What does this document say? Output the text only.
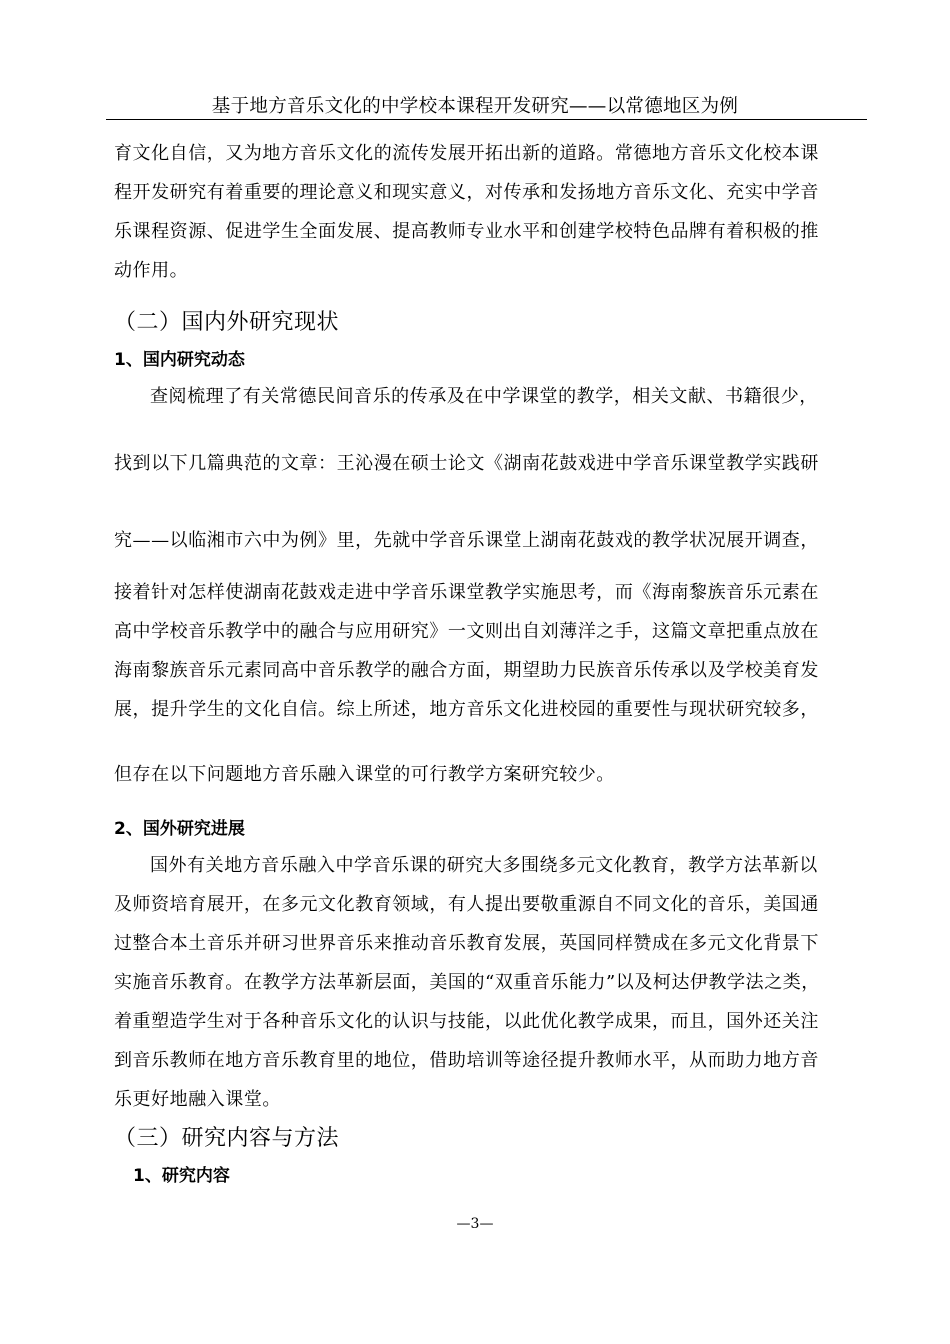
基于地方音乐文化的中学校本课程开发研究——以常德地区为例
育文化自信，又为地方音乐文化的流传发展开拓出新的道路。常德地方音乐文化校本课
程开发研究有着重要的理论意义和现实意义，对传承和发扬地方音乐文化、充实中学音
乐课程资源、促进学生全面发展、提高教师专业水平和创建学校特色品牌有着积极的推
动作用。
（二）国内外研究现状
1、国内研究动态
查阅梳理了有关常德民间音乐的传承及在中学课堂的教学，相关文献、书籍很少，
找到以下几篇典范的文章：王沁漫在硕士论文《湖南花鼓戏进中学音乐课堂教学实践研
究——以临湘市六中为例》里，先就中学音乐课堂上湖南花鼓戏的教学状况展开调查，
接着针对怎样使湖南花鼓戏走进中学音乐课堂教学实施思考，而《海南黎族音乐元素在
高中学校音乐教学中的融合与应用研究》一文则出自刘薄洋之手，这篇文章把重点放在
海南黎族音乐元素同高中音乐教学的融合方面，期望助力民族音乐传承以及学校美育发
展，提升学生的文化自信。综上所述，地方音乐文化进校园的重要性与现状研究较多，
但存在以下问题地方音乐融入课堂的可行教学方案研究较少。
2、国外研究进展
国外有关地方音乐融入中学音乐课的研究大多围绕多元文化教育，教学方法革新以
及师资培育展开，在多元文化教育领域，有人提出要敬重源自不同文化的音乐，美国通
过整合本土音乐并研习世界音乐来推动音乐教育发展，英国同样赞成在多元文化背景下
实施音乐教育。在教学方法革新层面，美国的“双重音乐能力”以及柯达伊教学法之类，
着重塑造学生对于各种音乐文化的认识与技能，以此优化教学成果，而且，国外还关注
到音乐教师在地方音乐教育里的地位，借助培训等途径提升教师水平，从而助力地方音
乐更好地融入课堂。
（三）研究内容与方法
1、研究内容
—3—
